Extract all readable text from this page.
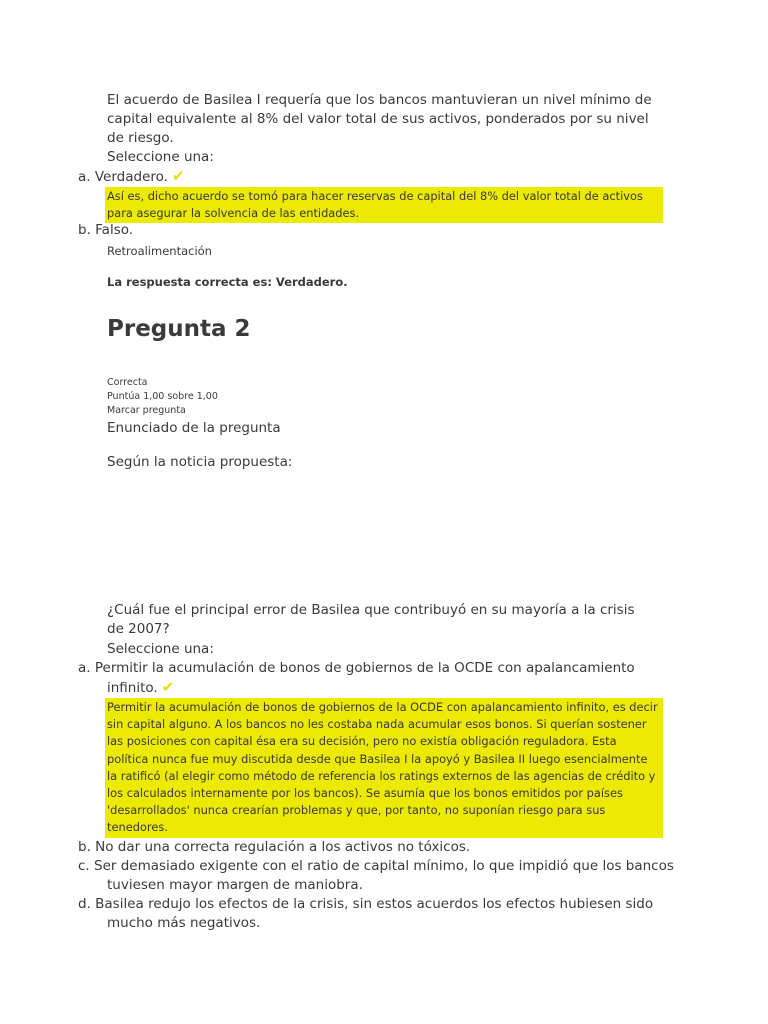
El acuerdo de Basilea I requería que los bancos mantuvieran un nivel mínimo de capital equivalente al 8% del valor total de sus activos, ponderados por su nivel de riesgo.
Seleccione una:
a. Verdadero. ✔
Así es, dicho acuerdo se tomó para hacer reservas de capital del 8% del valor total de activos para asegurar la solvencia de las entidades.
b. Falso.
Retroalimentación
La respuesta correcta es: Verdadero.
Pregunta 2
Correcta
Puntúa 1,00 sobre 1,00
Marcar pregunta
Enunciado de la pregunta
Según la noticia propuesta:
¿Cuál fue el principal error de Basilea que contribuyó en su mayoría a la crisis de 2007?
Seleccione una:
a. Permitir la acumulación de bonos de gobiernos de la OCDE con apalancamiento
infinito. ✔
Permitir la acumulación de bonos de gobiernos de la OCDE con apalancamiento infinito, es decir sin capital alguno. A los bancos no les costaba nada acumular esos bonos. Si querían sostener las posiciones con capital ésa era su decisión, pero no existía obligación reguladora. Esta política nunca fue muy discutida desde que Basilea I la apoyó y Basilea II luego esencialmente la ratificó (al elegir como método de referencia los ratings externos de las agencias de crédito y los calculados internamente por los bancos). Se asumía que los bonos emitidos por países 'desarrollados' nunca crearían problemas y que, por tanto, no suponían riesgo para sus tenedores.
b. No dar una correcta regulación a los activos no tóxicos.
c. Ser demasiado exigente con el ratio de capital mínimo, lo que impidió que los bancos
tuviesen mayor margen de maniobra.
d. Basilea redujo los efectos de la crisis, sin estos acuerdos los efectos hubiesen sido
mucho más negativos.
